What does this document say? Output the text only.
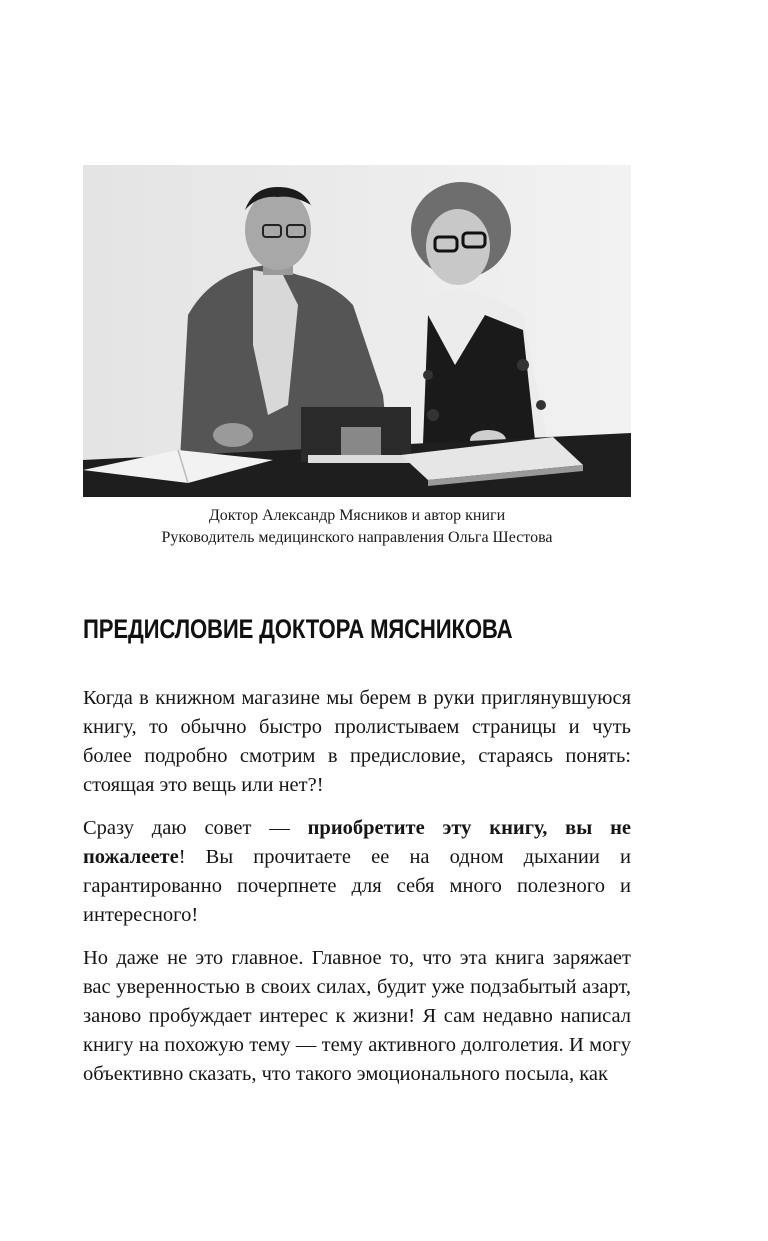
Доктор Александр Мясников и автор книги
Руководитель медицинского направления Ольга Шестова
ПРЕДИСЛОВИЕ ДОКТОРА МЯСНИКОВА

Когда в книжном магазине мы берем в руки приглянувшуюся книгу, то обычно быстро пролистываем страницы и чуть более подробно смотрим в предисловие, стараясь понять: стоящая это вещь или нет?!

Сразу даю совет — приобретите эту книгу, вы не пожалеете! Вы прочитаете ее на одном дыхании и гарантированно почерпнете для себя много полезного и интересного!

Но даже не это главное. Главное то, что эта книга заряжает вас уверенностью в своих силах, будит уже подзабытый азарт, заново пробуждает интерес к жизни! Я сам недавно написал книгу на похожую тему — тему активного долголетия. И могу объективно сказать, что такого эмоционального посыла, как
